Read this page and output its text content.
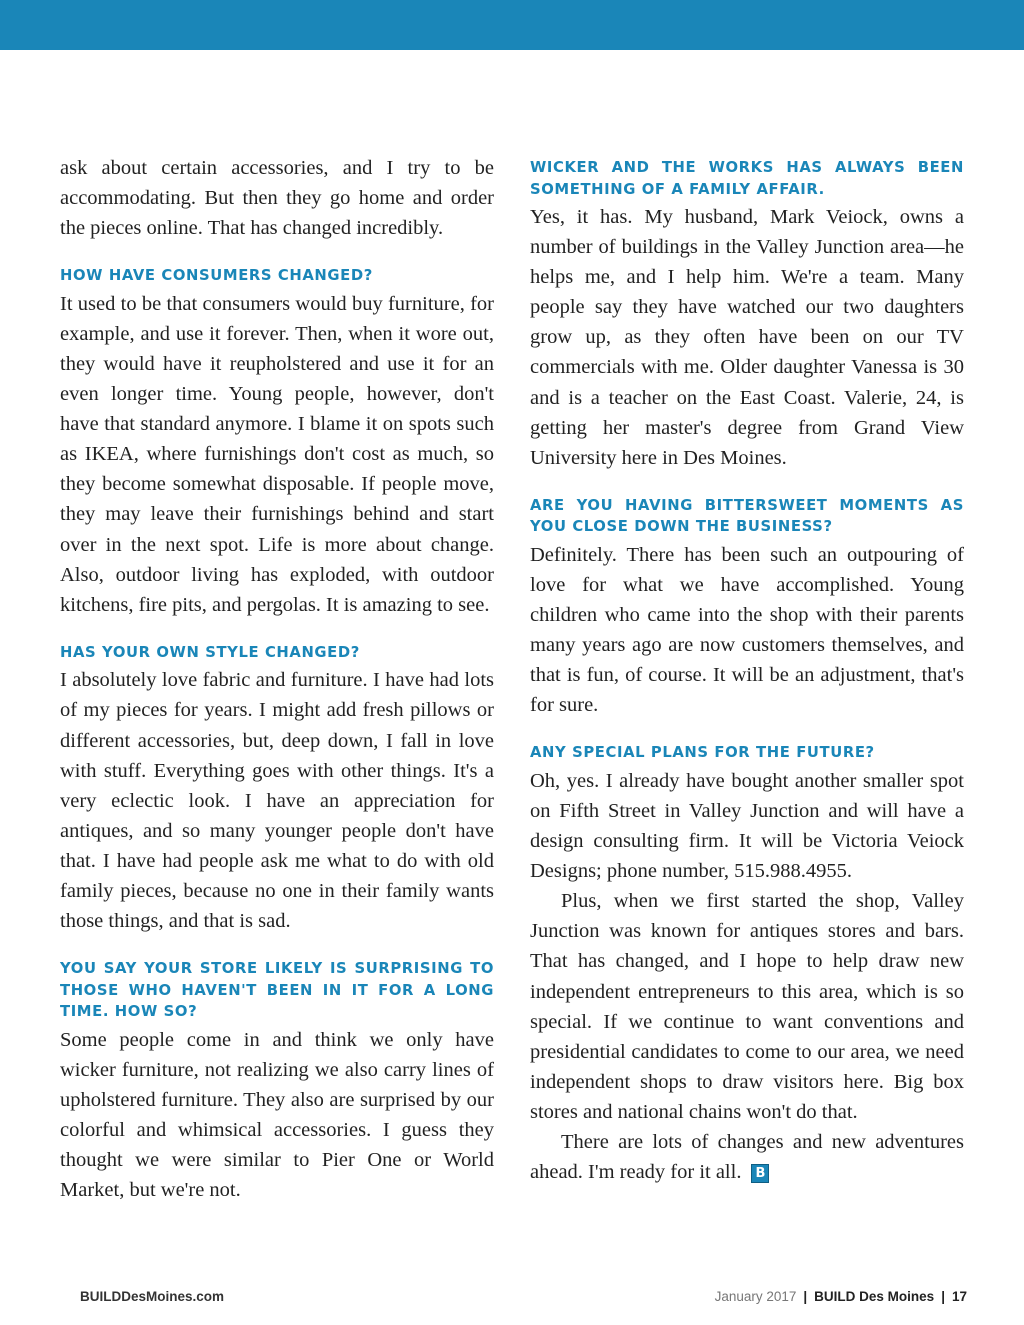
ask about certain accessories, and I try to be accommodating. But then they go home and order the pieces online. That has changed incredibly.

HOW HAVE CONSUMERS CHANGED?

It used to be that consumers would buy furniture, for example, and use it forever. Then, when it wore out, they would have it reupholstered and use it for an even longer time. Young people, however, don't have that standard anymore. I blame it on spots such as IKEA, where furnishings don't cost as much, so they become somewhat disposable. If people move, they may leave their furnishings behind and start over in the next spot. Life is more about change. Also, outdoor living has exploded, with outdoor kitchens, fire pits, and pergolas. It is amazing to see.

HAS YOUR OWN STYLE CHANGED?

I absolutely love fabric and furniture. I have had lots of my pieces for years. I might add fresh pillows or different accessories, but, deep down, I fall in love with stuff. Everything goes with other things. It's a very eclectic look. I have an appreciation for antiques, and so many younger people don't have that. I have had people ask me what to do with old family pieces, because no one in their family wants those things, and that is sad.

YOU SAY YOUR STORE LIKELY IS SURPRISING TO THOSE WHO HAVEN'T BEEN IN IT FOR A LONG TIME. HOW SO?

Some people come in and think we only have wicker furniture, not realizing we also carry lines of upholstered furniture. They also are surprised by our colorful and whimsical accessories. I guess they thought we were similar to Pier One or World Market, but we're not.

WICKER AND THE WORKS HAS ALWAYS BEEN SOMETHING OF A FAMILY AFFAIR.

Yes, it has. My husband, Mark Veiock, owns a number of buildings in the Valley Junction area—he helps me, and I help him. We're a team. Many people say they have watched our two daughters grow up, as they often have been on our TV commercials with me. Older daughter Vanessa is 30 and is a teacher on the East Coast. Valerie, 24, is getting her master's degree from Grand View University here in Des Moines.

ARE YOU HAVING BITTERSWEET MOMENTS AS YOU CLOSE DOWN THE BUSINESS?

Definitely. There has been such an outpouring of love for what we have accomplished. Young children who came into the shop with their parents many years ago are now customers themselves, and that is fun, of course. It will be an adjustment, that's for sure.

ANY SPECIAL PLANS FOR THE FUTURE?

Oh, yes. I already have bought another smaller spot on Fifth Street in Valley Junction and will have a design consulting firm. It will be Victoria Veiock Designs; phone number, 515.988.4955.

Plus, when we first started the shop, Valley Junction was known for antiques stores and bars. That has changed, and I hope to help draw new independent entrepreneurs to this area, which is so special. If we continue to want conventions and presidential candidates to come to our area, we need independent shops to draw visitors here. Big box stores and national chains won't do that.

There are lots of changes and new adventures ahead. I'm ready for it all. B

BUILDDesMoines.com	January 2017 | BUILD Des Moines | 17
